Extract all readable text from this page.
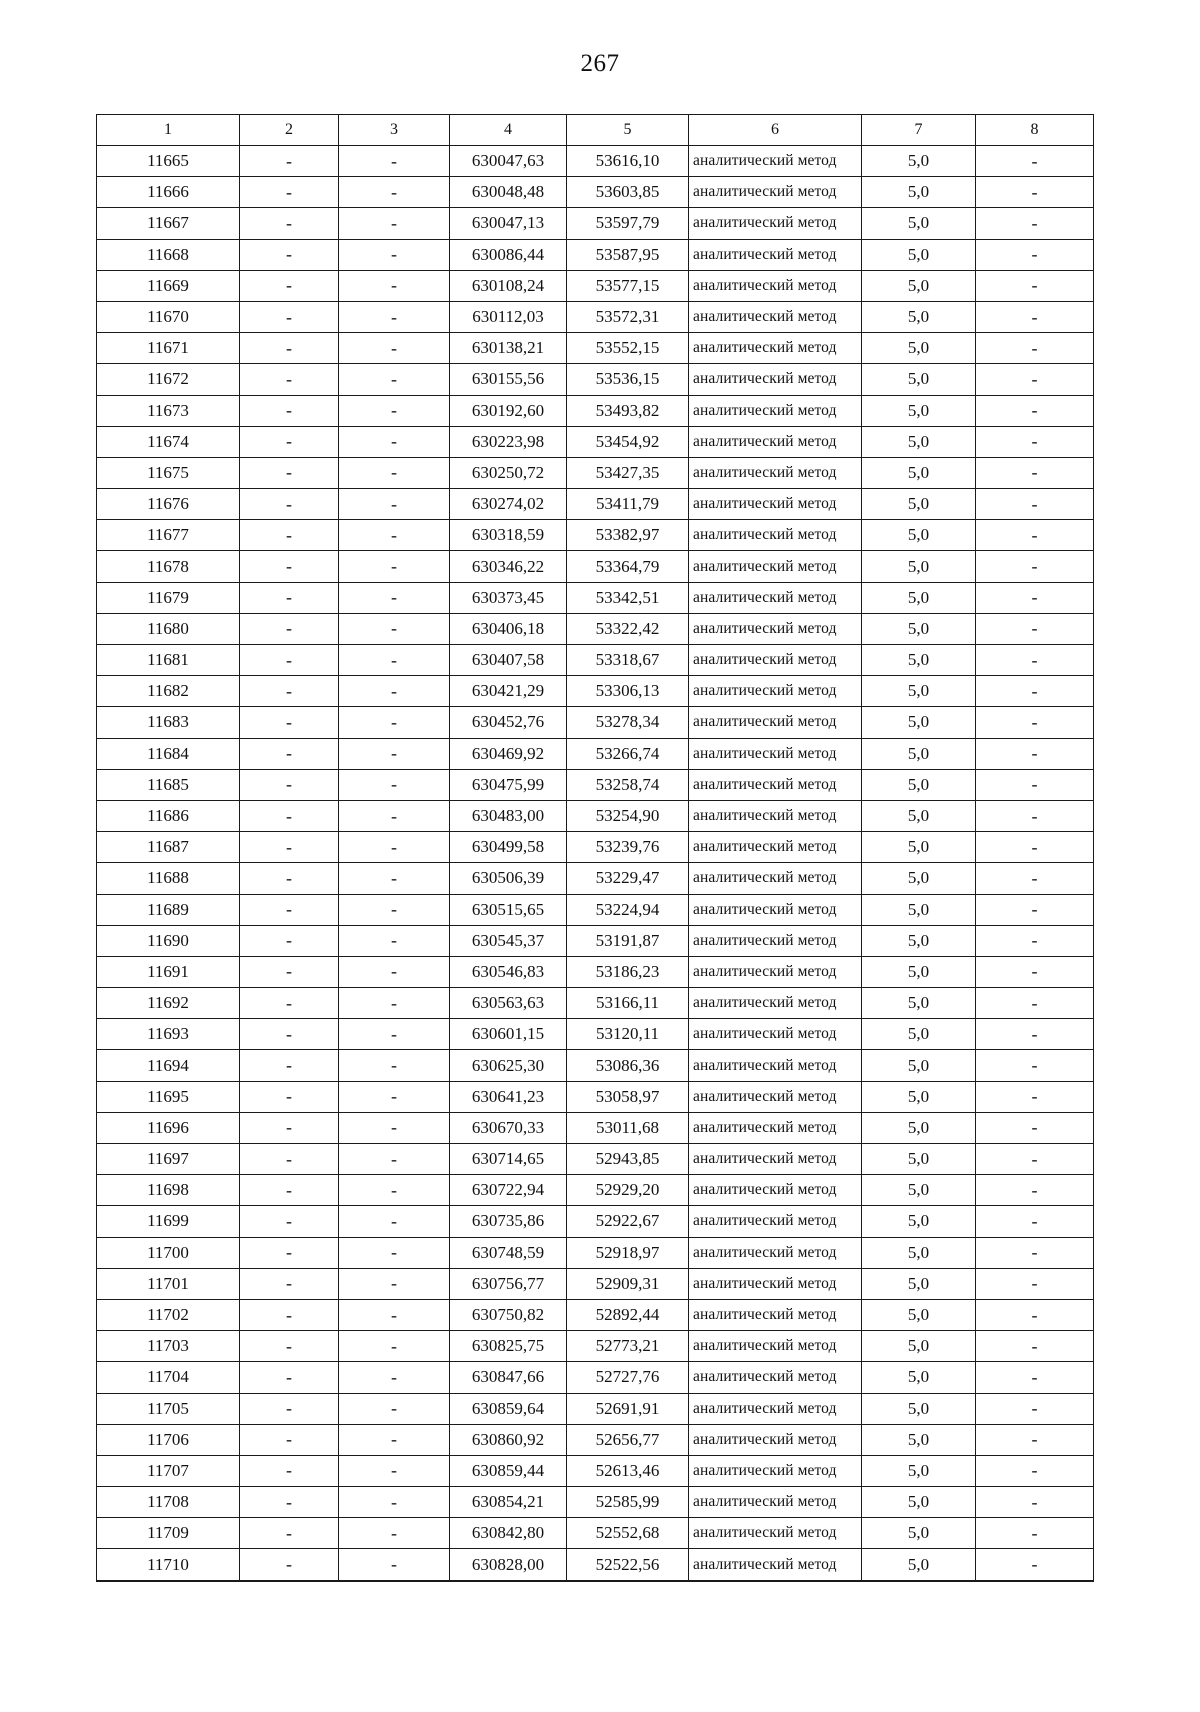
267
1	2	3	4	5	6	7	8
11665	-	-	630047,63	53616,10	аналитический метод	5,0	-
11666	-	-	630048,48	53603,85	аналитический метод	5,0	-
11667	-	-	630047,13	53597,79	аналитический метод	5,0	-
11668	-	-	630086,44	53587,95	аналитический метод	5,0	-
11669	-	-	630108,24	53577,15	аналитический метод	5,0	-
11670	-	-	630112,03	53572,31	аналитический метод	5,0	-
11671	-	-	630138,21	53552,15	аналитический метод	5,0	-
11672	-	-	630155,56	53536,15	аналитический метод	5,0	-
11673	-	-	630192,60	53493,82	аналитический метод	5,0	-
11674	-	-	630223,98	53454,92	аналитический метод	5,0	-
11675	-	-	630250,72	53427,35	аналитический метод	5,0	-
11676	-	-	630274,02	53411,79	аналитический метод	5,0	-
11677	-	-	630318,59	53382,97	аналитический метод	5,0	-
11678	-	-	630346,22	53364,79	аналитический метод	5,0	-
11679	-	-	630373,45	53342,51	аналитический метод	5,0	-
11680	-	-	630406,18	53322,42	аналитический метод	5,0	-
11681	-	-	630407,58	53318,67	аналитический метод	5,0	-
11682	-	-	630421,29	53306,13	аналитический метод	5,0	-
11683	-	-	630452,76	53278,34	аналитический метод	5,0	-
11684	-	-	630469,92	53266,74	аналитический метод	5,0	-
11685	-	-	630475,99	53258,74	аналитический метод	5,0	-
11686	-	-	630483,00	53254,90	аналитический метод	5,0	-
11687	-	-	630499,58	53239,76	аналитический метод	5,0	-
11688	-	-	630506,39	53229,47	аналитический метод	5,0	-
11689	-	-	630515,65	53224,94	аналитический метод	5,0	-
11690	-	-	630545,37	53191,87	аналитический метод	5,0	-
11691	-	-	630546,83	53186,23	аналитический метод	5,0	-
11692	-	-	630563,63	53166,11	аналитический метод	5,0	-
11693	-	-	630601,15	53120,11	аналитический метод	5,0	-
11694	-	-	630625,30	53086,36	аналитический метод	5,0	-
11695	-	-	630641,23	53058,97	аналитический метод	5,0	-
11696	-	-	630670,33	53011,68	аналитический метод	5,0	-
11697	-	-	630714,65	52943,85	аналитический метод	5,0	-
11698	-	-	630722,94	52929,20	аналитический метод	5,0	-
11699	-	-	630735,86	52922,67	аналитический метод	5,0	-
11700	-	-	630748,59	52918,97	аналитический метод	5,0	-
11701	-	-	630756,77	52909,31	аналитический метод	5,0	-
11702	-	-	630750,82	52892,44	аналитический метод	5,0	-
11703	-	-	630825,75	52773,21	аналитический метод	5,0	-
11704	-	-	630847,66	52727,76	аналитический метод	5,0	-
11705	-	-	630859,64	52691,91	аналитический метод	5,0	-
11706	-	-	630860,92	52656,77	аналитический метод	5,0	-
11707	-	-	630859,44	52613,46	аналитический метод	5,0	-
11708	-	-	630854,21	52585,99	аналитический метод	5,0	-
11709	-	-	630842,80	52552,68	аналитический метод	5,0	-
11710	-	-	630828,00	52522,56	аналитический метод	5,0	-
